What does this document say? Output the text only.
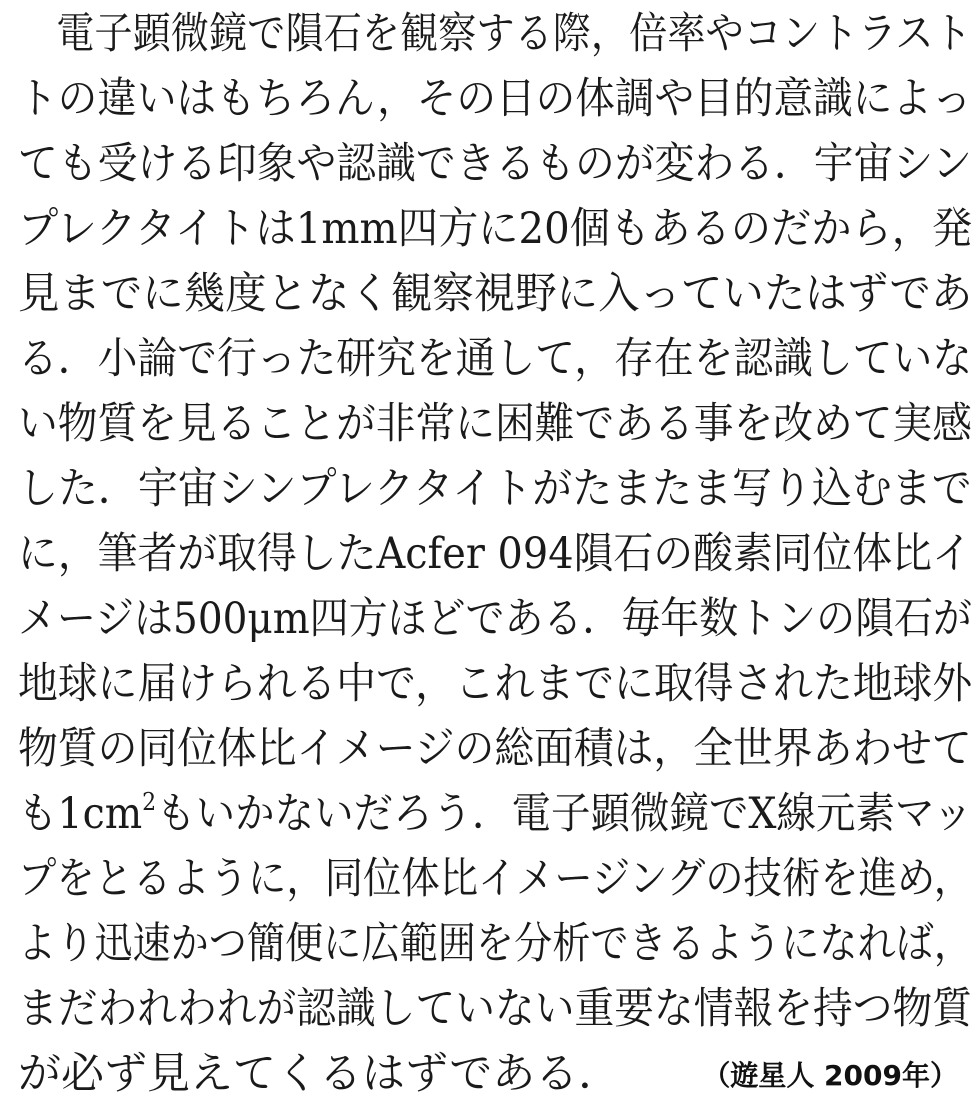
　電子顕微鏡で隕石を観察する際，倍率やコントラスト
トの違いはもちろん，その日の体調や目的意識によっ
ても受ける印象や認識できるものが変わる．宇宙シン
プレクタイトは1mm四方に20個もあるのだから，発
見までに幾度となく観察視野に入っていたはずであ
る．小論で行った研究を通して，存在を認識していな
い物質を見ることが非常に困難である事を改めて実感
した．宇宙シンプレクタイトがたまたま写り込むまで
に，筆者が取得したAcfer 094隕石の酸素同位体比イ
メージは500μm四方ほどである．毎年数トンの隕石が
地球に届けられる中で，これまでに取得された地球外
物質の同位体比イメージの総面積は，全世界あわせて
も$1cm^2$もいかないだろう．電子顕微鏡でX線元素マッ
プをとるように，同位体比イメージングの技術を進め，
より迅速かつ簡便に広範囲を分析できるようになれば，
まだわれわれが認識していない重要な情報を持つ物質
が必ず見えてくるはずである．	（遊星人 2009年）
